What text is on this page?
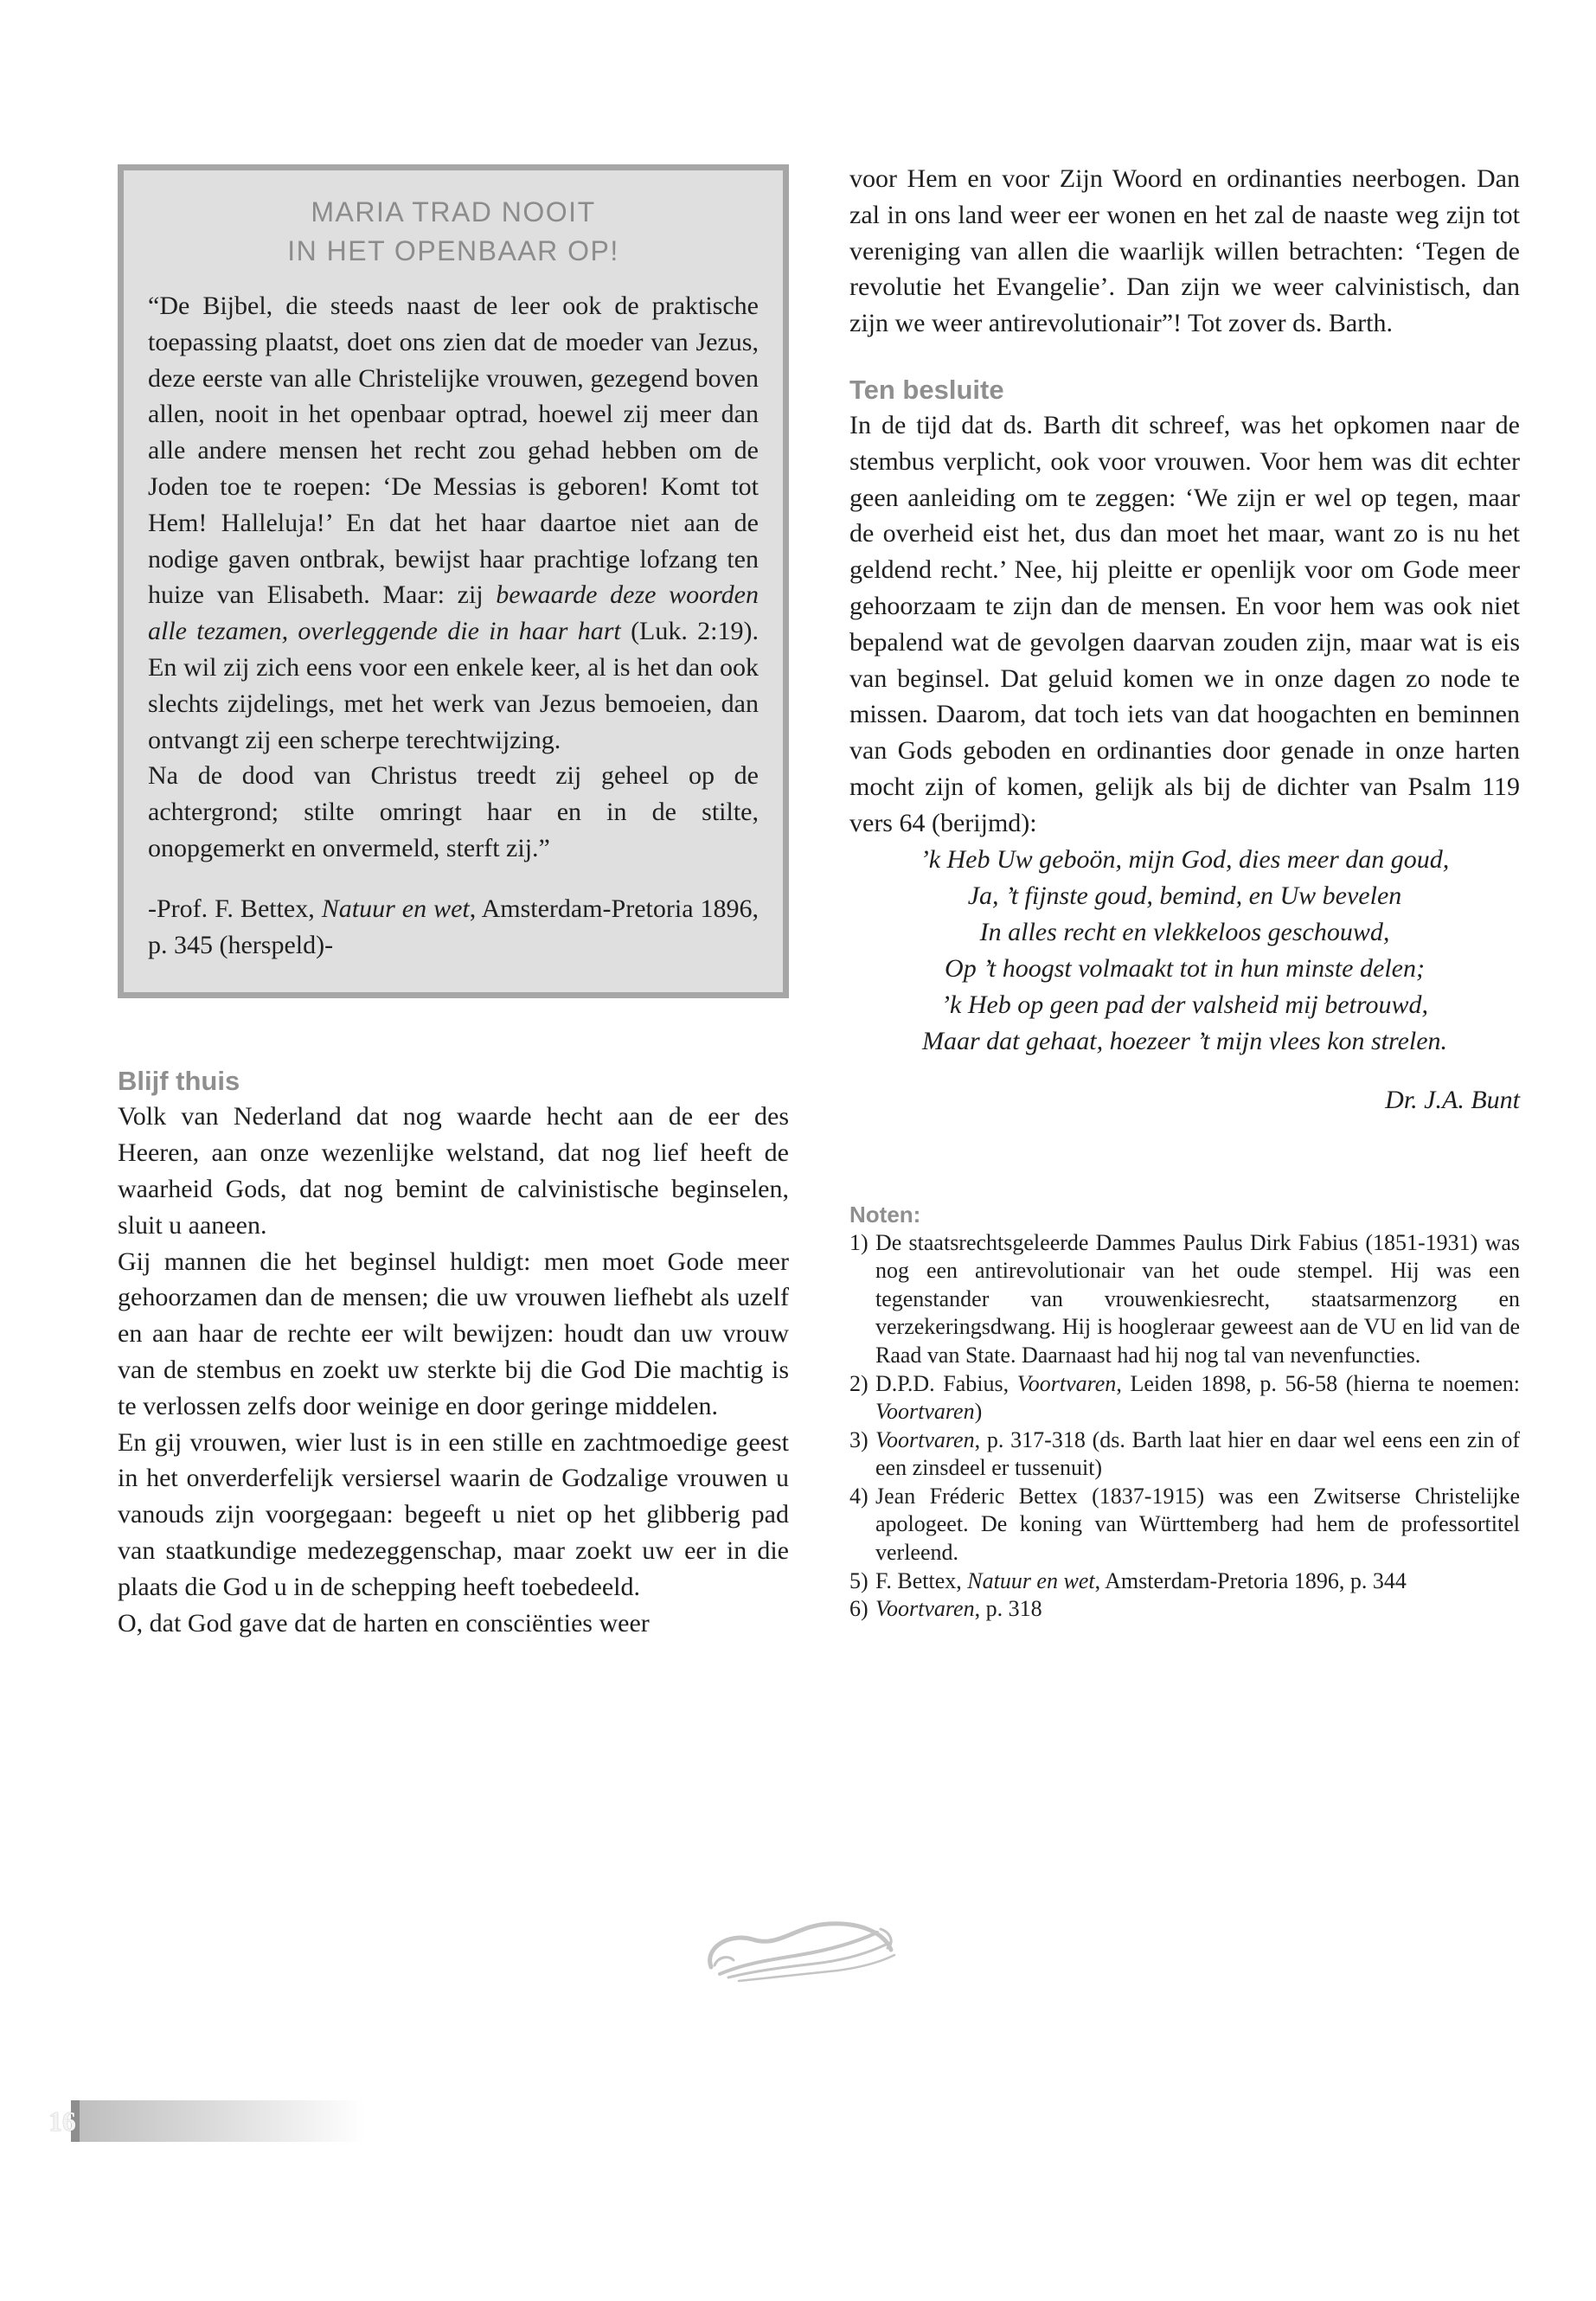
MARIA TRAD NOOIT
IN HET OPENBAAR OP!

“De Bijbel, die steeds naast de leer ook de praktische toepassing plaatst, doet ons zien dat de moeder van Jezus, deze eerste van alle Christelijke vrouwen, gezegend boven allen, nooit in het openbaar optrad, hoewel zij meer dan alle andere mensen het recht zou gehad hebben om de Joden toe te roepen: ‘De Messias is geboren! Komt tot Hem! Halleluja!’ En dat het haar daartoe niet aan de nodige gaven ontbrak, bewijst haar prachtige lofzang ten huize van Elisabeth. Maar: zij bewaarde deze woorden alle tezamen, overleggende die in haar hart (Luk. 2:19). En wil zij zich eens voor een enkele keer, al is het dan ook slechts zijdelings, met het werk van Jezus bemoeien, dan ontvangt zij een scherpe terechtwijzing.

Na de dood van Christus treedt zij geheel op de achtergrond; stilte omringt haar en in de stilte, onopgemerkt en onvermeld, sterft zij.”

-Prof. F. Bettex, Natuur en wet, Amsterdam-Pretoria 1896, p. 345 (herspeld)-

Blijf thuis

Volk van Nederland dat nog waarde hecht aan de eer des Heeren, aan onze wezenlijke welstand, dat nog lief heeft de waarheid Gods, dat nog bemint de calvinistische beginselen, sluit u aaneen.

Gij mannen die het beginsel huldigt: men moet Gode meer gehoorzamen dan de mensen; die uw vrouwen liefhebt als uzelf en aan haar de rechte eer wilt bewijzen: houdt dan uw vrouw van de stembus en zoekt uw sterkte bij die God Die machtig is te verlossen zelfs door weinige en door geringe middelen.

En gij vrouwen, wier lust is in een stille en zachtmoedige geest in het onverderfelijk versiersel waarin de Godzalige vrouwen u vanouds zijn voorgegaan: begeeft u niet op het glibberig pad van staatkundige medezeggenschap, maar zoekt uw eer in die plaats die God u in de schepping heeft toebedeeld.

O, dat God gave dat de harten en consciënties weer

voor Hem en voor Zijn Woord en ordinanties neerbogen. Dan zal in ons land weer eer wonen en het zal de naaste weg zijn tot vereniging van allen die waarlijk willen betrachten: ‘Tegen de revolutie het Evangelie’. Dan zijn we weer calvinistisch, dan zijn we weer antirevolutionair”! Tot zover ds. Barth.

Ten besluite

In de tijd dat ds. Barth dit schreef, was het opkomen naar de stembus verplicht, ook voor vrouwen. Voor hem was dit echter geen aanleiding om te zeggen: ‘We zijn er wel op tegen, maar de overheid eist het, dus dan moet het maar, want zo is nu het geldend recht.’ Nee, hij pleitte er openlijk voor om Gode meer gehoorzaam te zijn dan de mensen. En voor hem was ook niet bepalend wat de gevolgen daarvan zouden zijn, maar wat is eis van beginsel. Dat geluid komen we in onze dagen zo node te missen. Daarom, dat toch iets van dat hoogachten en beminnen van Gods geboden en ordinanties door genade in onze harten mocht zijn of komen, gelijk als bij de dichter van Psalm 119 vers 64 (berijmd):

’k Heb Uw geboön, mijn God, dies meer dan goud,
Ja, ’t fijnste goud, bemind, en Uw bevelen
In alles recht en vlekkeloos geschouwd,
Op ’t hoogst volmaakt tot in hun minste delen;
’k Heb op geen pad der valsheid mij betrouwd,
Maar dat gehaat, hoezeer ’t mijn vlees kon strelen.
Dr. J.A. Bunt
Noten:
1) De staatsrechtsgeleerde Dammes Paulus Dirk Fabius (1851-1931) was nog een antirevolutionair van het oude stempel. Hij was een tegenstander van vrouwenkiesrecht, staatsarmenzorg en verzekeringsdwang. Hij is hoogleraar geweest aan de VU en lid van de Raad van State. Daarnaast had hij nog tal van nevenfuncties.
2) D.P.D. Fabius, Voortvaren, Leiden 1898, p. 56-58 (hierna te noemen: Voortvaren)
3) Voortvaren, p. 317-318 (ds. Barth laat hier en daar wel eens een zin of een zinsdeel er tussenuit)
4) Jean Fréderic Bettex (1837-1915) was een Zwitserse Christelijke apologeet. De koning van Württemberg had hem de professortitel verleend.
5) F. Bettex, Natuur en wet, Amsterdam-Pretoria 1896, p. 344
6) Voortvaren, p. 318
16
